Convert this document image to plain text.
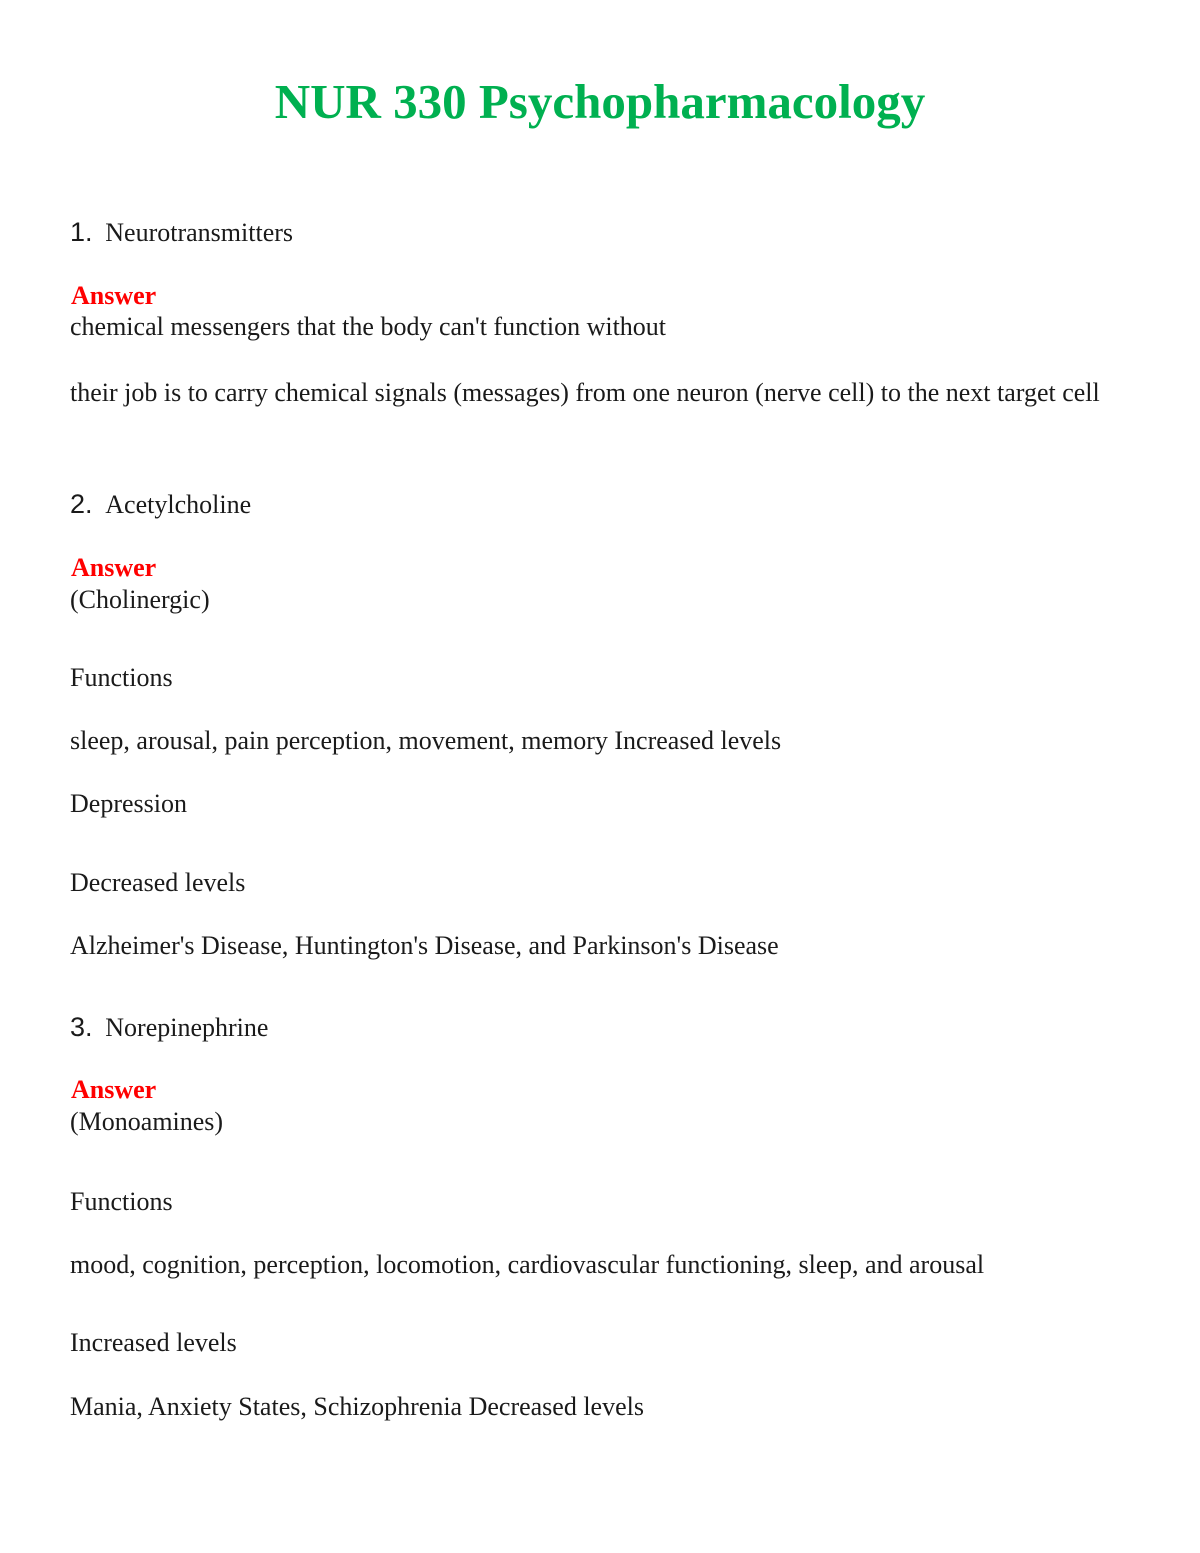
NUR 330 Psychopharmacology
1. Neurotransmitters
Answer
chemical messengers that the body can't function without
their job is to carry chemical signals (messages) from one neuron (nerve cell) to the next target cell
2. Acetylcholine
Answer
(Cholinergic)
Functions
sleep, arousal, pain perception, movement, memory Increased levels
Depression
Decreased levels
Alzheimer's Disease, Huntington's Disease, and Parkinson's Disease
3. Norepinephrine
Answer
(Monoamines)
Functions
mood, cognition, perception, locomotion, cardiovascular functioning, sleep, and arousal
Increased levels
Mania, Anxiety States, Schizophrenia Decreased levels
